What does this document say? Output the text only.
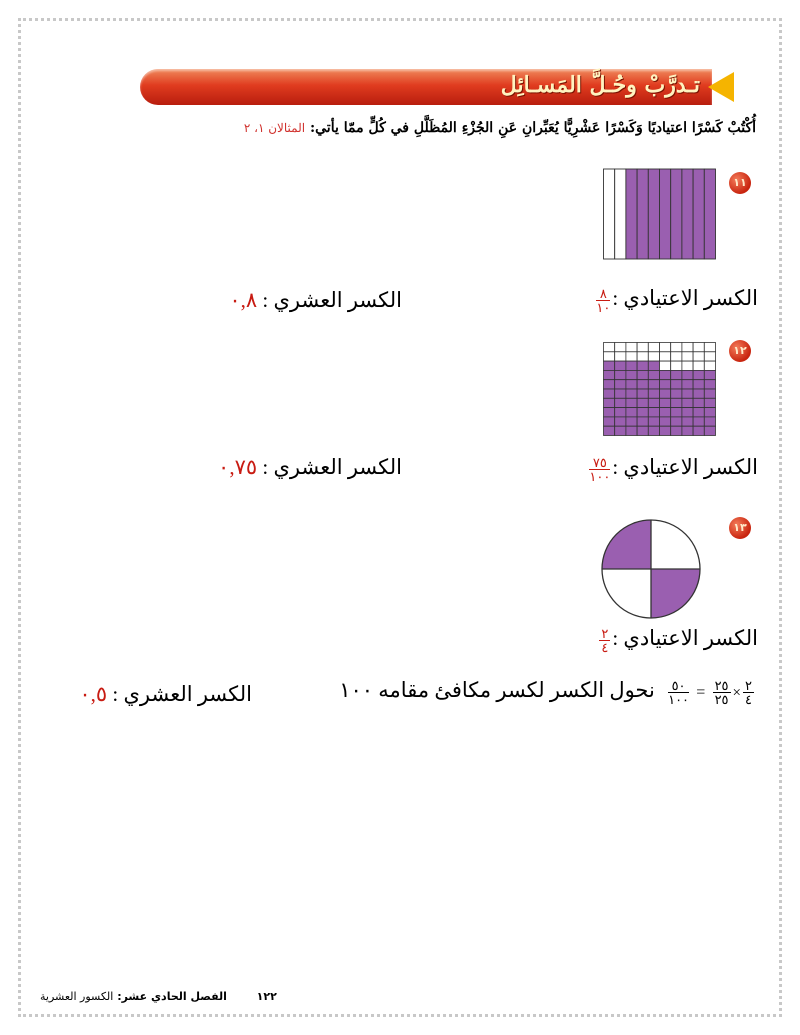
تـدرَّبْ وحُـلَّ المَسـائِل
أُكْتُبْ كَسْرًا اعتياديًا وَكَسْرًا عَشْرِيًّا يُعَبِّرانِ عَنِ الجُزْءِ المُظَلَّلِ في كُلٍّ ممّا يأتي: المثالان ١، ٢
١١
الكسر الاعتيادي :
$\frac{٨}{١٠}$
الكسر العشري : ٠,٨
١٢
الكسر الاعتيادي :
$\frac{٧٥}{١٠٠}$
الكسر العشري : ٠,٧٥
١٣
الكسر الاعتيادي :
$\frac{٢}{٤}$
$\frac{٢}{٤}$
×
$\frac{٢٥}{٢٥}$
=
$\frac{٥٠}{١٠٠}$
نحول الكسر لكسر مكافئ مقامه ١٠٠
الكسر العشري : ٠,٥
١٢٢  الفصل الحادي عشر: الكسور العشرية
